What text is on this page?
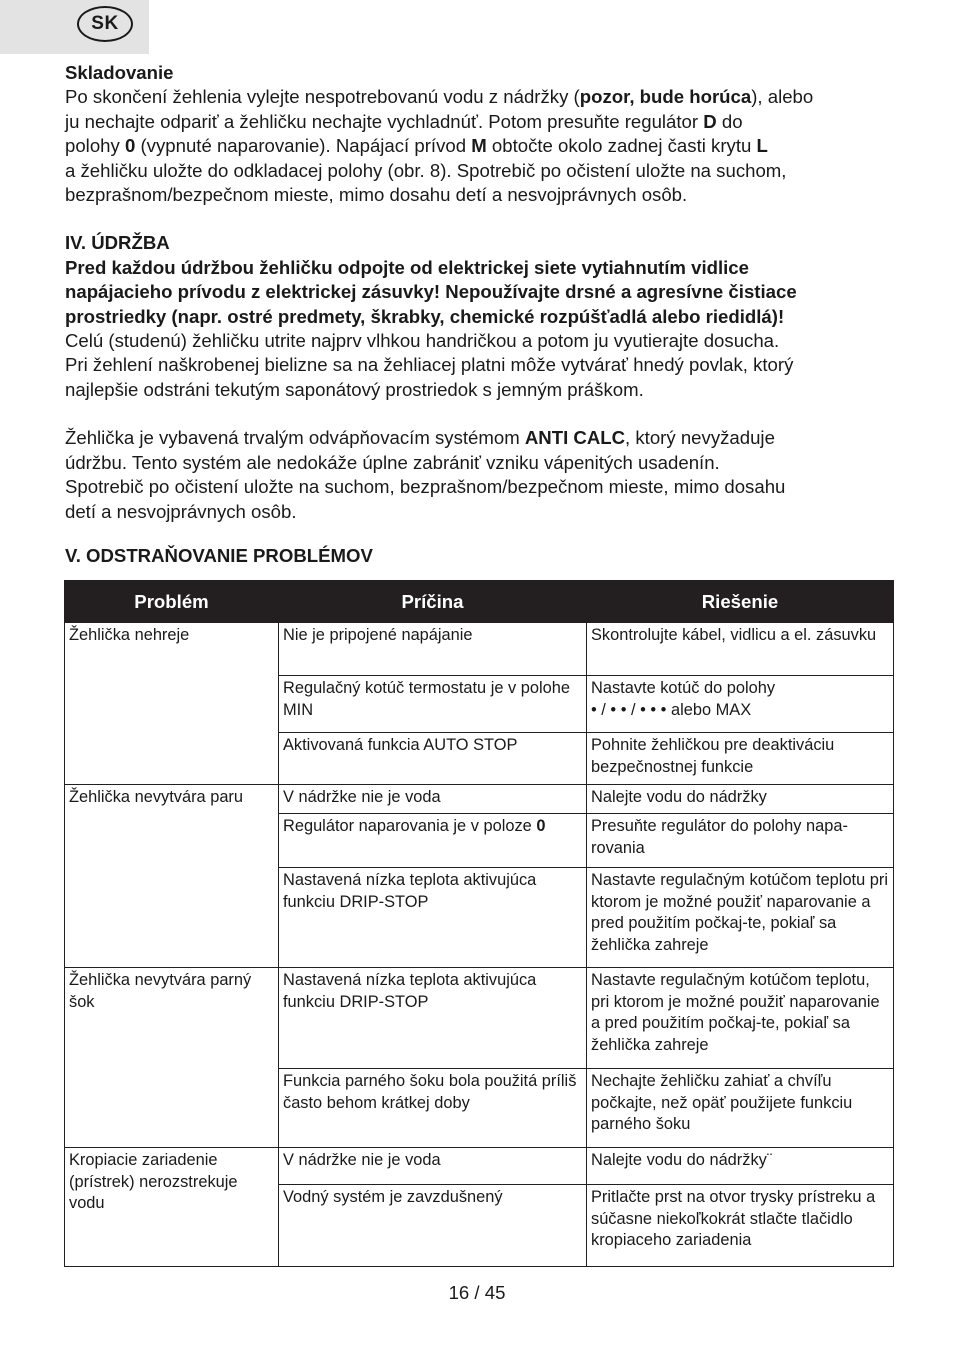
SK

Skladovanie

Po skončení žehlenia vylejte nespotrebovanú vodu z nádržky (pozor, bude horúca), alebo
ju nechajte odpariť a žehličku nechajte vychladnúť. Potom presuňte regulátor D do
polohy 0 (vypnuté naparovanie). Napájací prívod M obtočte okolo zadnej časti krytu L
a žehličku uložte do odkladacej polohy (obr. 8). Spotrebič po očistení uložte na suchom,
bezprašnom/bezpečnom mieste, mimo dosahu detí a nesvojprávnych osôb.

IV. ÚDRŽBA

Pred každou údržbou žehličku odpojte od elektrickej siete vytiahnutím vidlice
napájacieho prívodu z elektrickej zásuvky! Nepoužívajte drsné a agresívne čistiace
prostriedky (napr. ostré predmety, škrabky, chemické rozpúšťadlá alebo riedidlá)!

Celú (studenú) žehličku utrite najprv vlhkou handričkou a potom ju vyutierajte dosucha.
Pri žehlení naškrobenej bielizne sa na žehliacej platni môže vytvárať hnedý povlak, ktorý
najlepšie odstráni tekutým saponátový prostriedok s jemným práškom.

Žehlička je vybavená trvalým odvápňovacím systémom ANTI CALC, ktorý nevyžaduje
údržbu. Tento systém ale nedokáže úplne zabrániť vzniku vápenitých usadenín.
Spotrebič po očistení uložte na suchom, bezprašnom/bezpečnom mieste, mimo dosahu
detí a nesvojprávnych osôb.

V. ODSTRAŇOVANIE PROBLÉMOV

Problém	Príčina	Riešenie
Žehlička nehreje	Nie je pripojené napájanie	Skontrolujte kábel, vidlicu a el. zásuvku
	Regulačný kotúč termostatu je v polohe MIN	Nastavte kotúč do polohy
• / • • / • • • alebo MAX
	Aktivovaná funkcia AUTO STOP	Pohnite žehličkou pre deaktiváciu bezpečnostnej funkcie
Žehlička nevytvára paru	V nádržke nie je voda	Nalejte vodu do nádržky
	Regulátor naparovania je v poloze 0	Presuňte regulátor do polohy napa-rovania
	Nastavená nízka teplota aktivujúca funkciu DRIP-STOP	Nastavte regulačným kotúčom teplotu pri ktorom je možné použiť naparovanie a pred použitím počkaj-te, pokiaľ sa žehlička zahreje
Žehlička nevytvára parný šok	Nastavená nízka teplota aktivujúca funkciu DRIP-STOP	Nastavte regulačným kotúčom teplotu, pri ktorom je možné použiť naparovanie a pred použitím počkaj-te, pokiaľ sa žehlička zahreje
	Funkcia parného šoku bola použitá príliš často behom krátkej doby	Nechajte žehličku zahiať a chvíľu počkajte, než opäť použijete funkciu parného šoku
Kropiacie zariadenie (prístrek) nerozstrekuje vodu	V nádržke nie je voda	Nalejte vodu do nádržky¨
	Vodný systém je zavzdušnený	Pritlačte prst na otvor trysky prístreku a súčasne niekoľkokrát stlačte tlačidlo kropiaceho zariadenia
16 / 45
